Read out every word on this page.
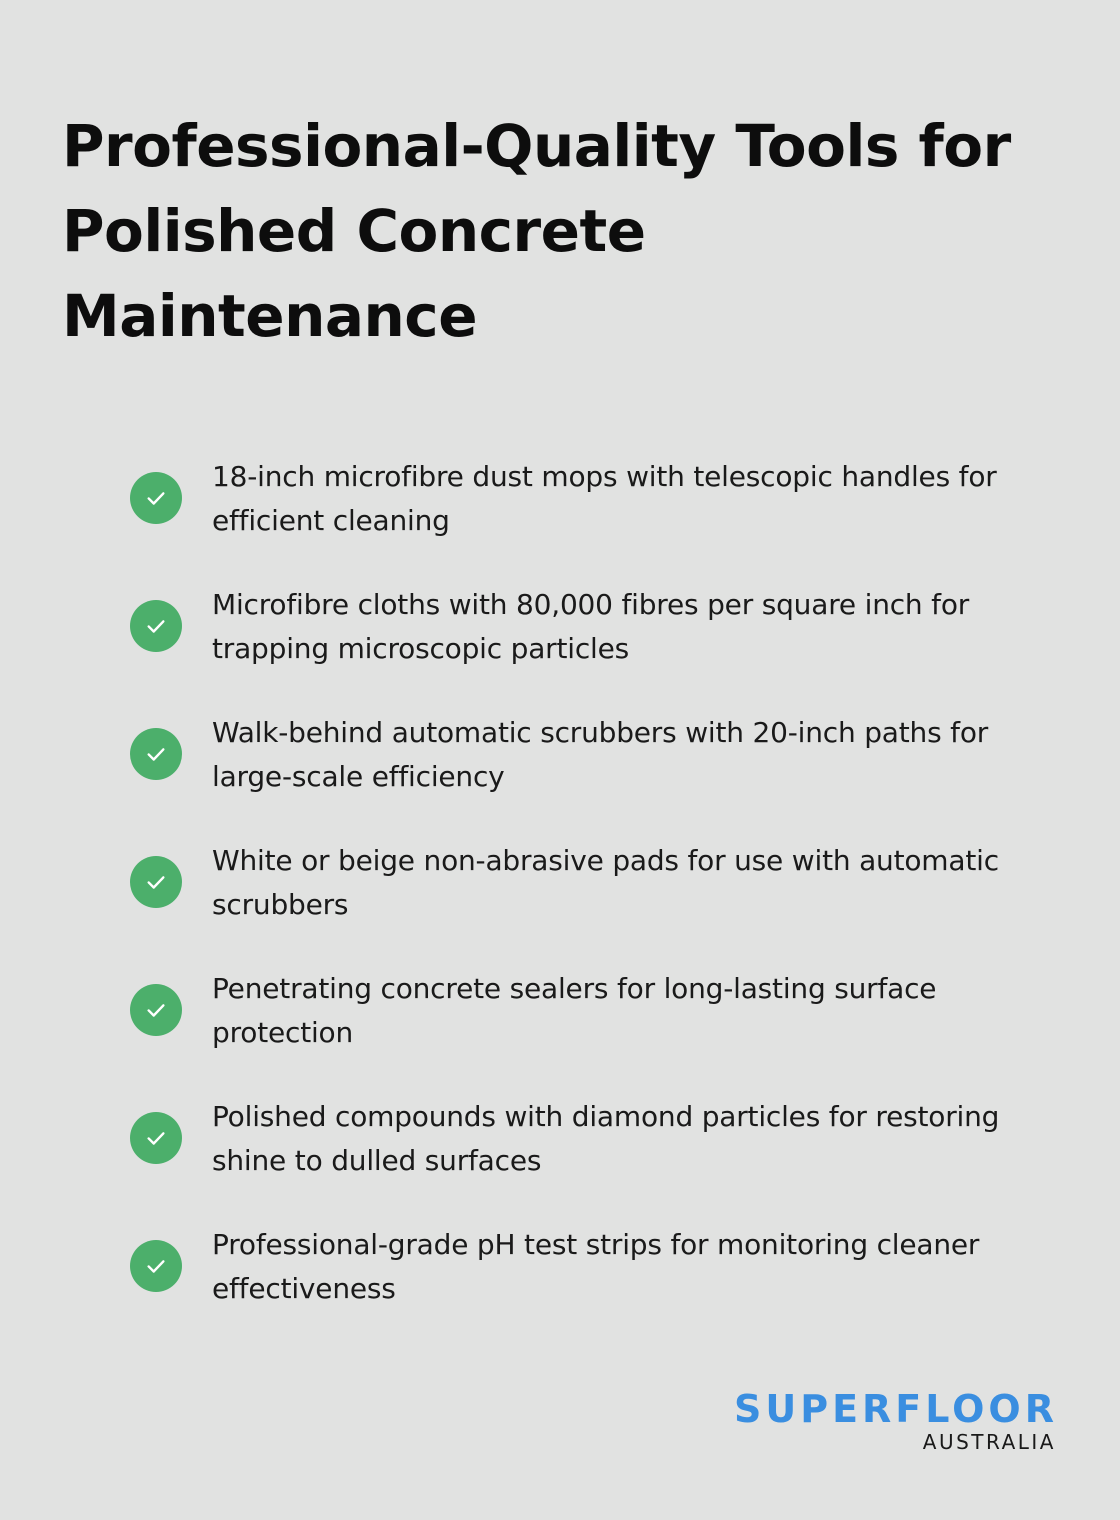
Professional-Quality Tools for Polished Concrete Maintenance
18-inch microfibre dust mops with telescopic handles for efficient cleaning
Microfibre cloths with 80,000 fibres per square inch for trapping microscopic particles
Walk-behind automatic scrubbers with 20-inch paths for large-scale efficiency
White or beige non-abrasive pads for use with automatic scrubbers
Penetrating concrete sealers for long-lasting surface protection
Polished compounds with diamond particles for restoring shine to dulled surfaces
Professional-grade pH test strips for monitoring cleaner effectiveness
SUPERFLOOR
AUSTRALIA
